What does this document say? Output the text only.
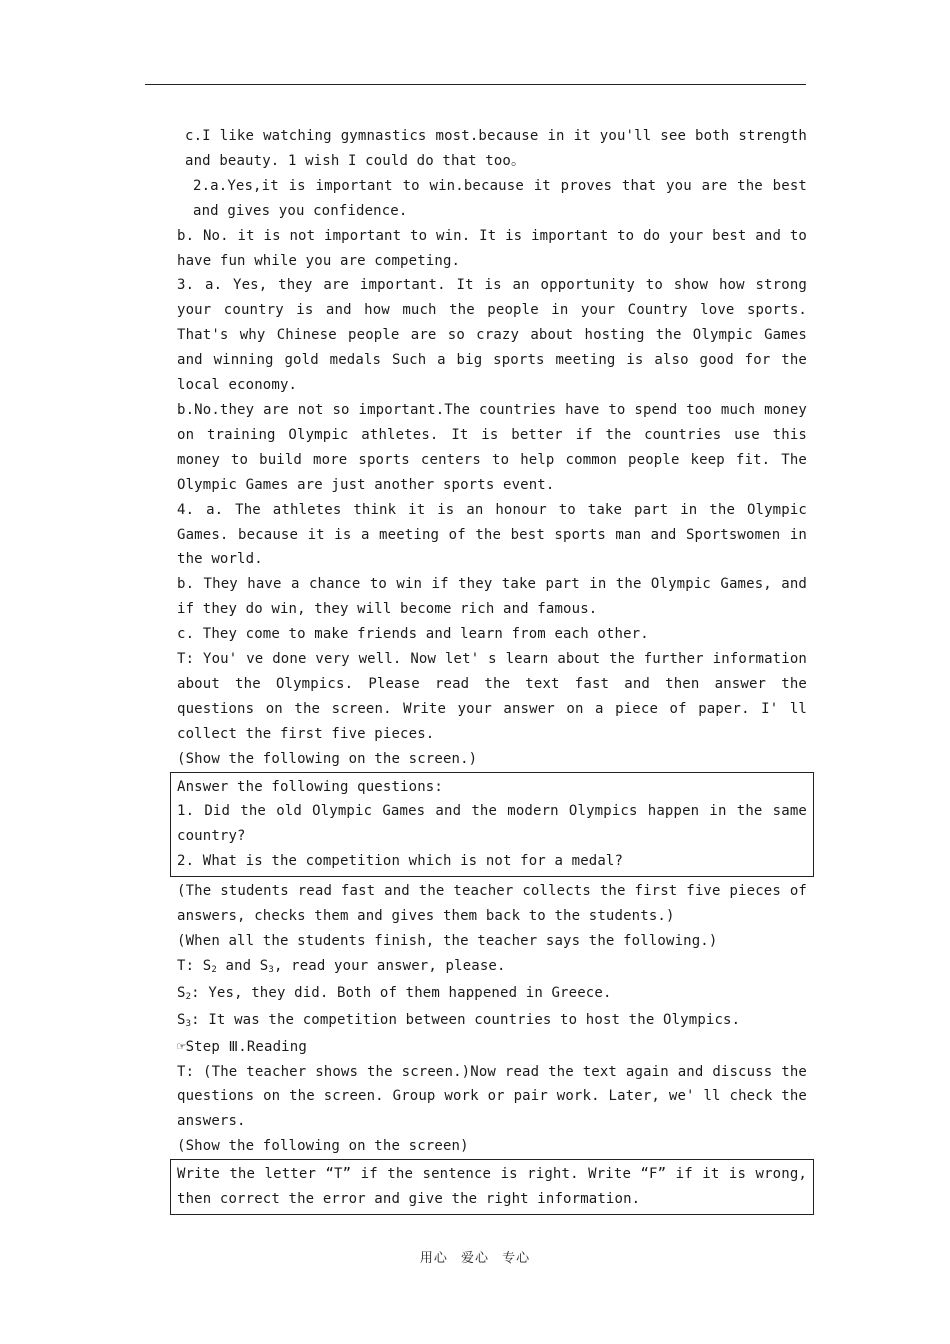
c.I like watching gymnastics most.because in it you'll see both strength and beauty. 1 wish I could do that too。

2.a.Yes,it is important to win.because it proves that you are the best and gives you confidence.

b. No. it is not important to win. It is important to do your best and to have fun while you are competing.

3. a. Yes, they are important. It is an opportunity to show how strong your country is and how much the people in your Country love sports. That's why Chinese people are so crazy about hosting the Olympic Games and winning gold medals Such a big sports meeting is also good for the local economy.

b.No.they are not so important.The countries have to spend too much money on training Olympic athletes. It is better if the countries use this money to build more sports centers to help common people keep fit. The Olympic Games are just another sports event.

4. a. The athletes think it is an honour to take part in the Olympic Games. because it is a meeting of the best sports man and Sportswomen in the world.

b. They have a chance to win if they take part in the Olympic Games, and if they do win, they will become rich and famous.

c. They come to make friends and learn from each other.

T: You' ve done very well. Now let' s learn about the further information about the Olympics. Please read the text fast and then answer the questions on the screen. Write your answer on a piece of paper. I' ll collect the first five pieces.

(Show the following on the screen.)

Answer the following questions:

1. Did the old Olympic Games and the modern Olympics happen in the same country?

2. What is the competition which is not for a medal?

(The students read fast and the teacher collects the first five pieces of answers, checks them and gives them back to the students.)

(When all the students finish, the teacher says the following.)

T: $S_2$ and $S_3$, read your answer, please.

$S_2$: Yes, they did. Both of them happened in Greece.

$S_3$: It was the competition between countries to host the Olympics.

☞Step Ⅲ.Reading

T: (The teacher shows the screen.)Now read the text again and discuss the questions on the screen. Group work or pair work. Later, we' ll check the answers.

(Show the following on the screen)

Write the letter “T” if the sentence is right. Write “F” if it is wrong, then correct the error and give the right information.

用心 爱心 专心
